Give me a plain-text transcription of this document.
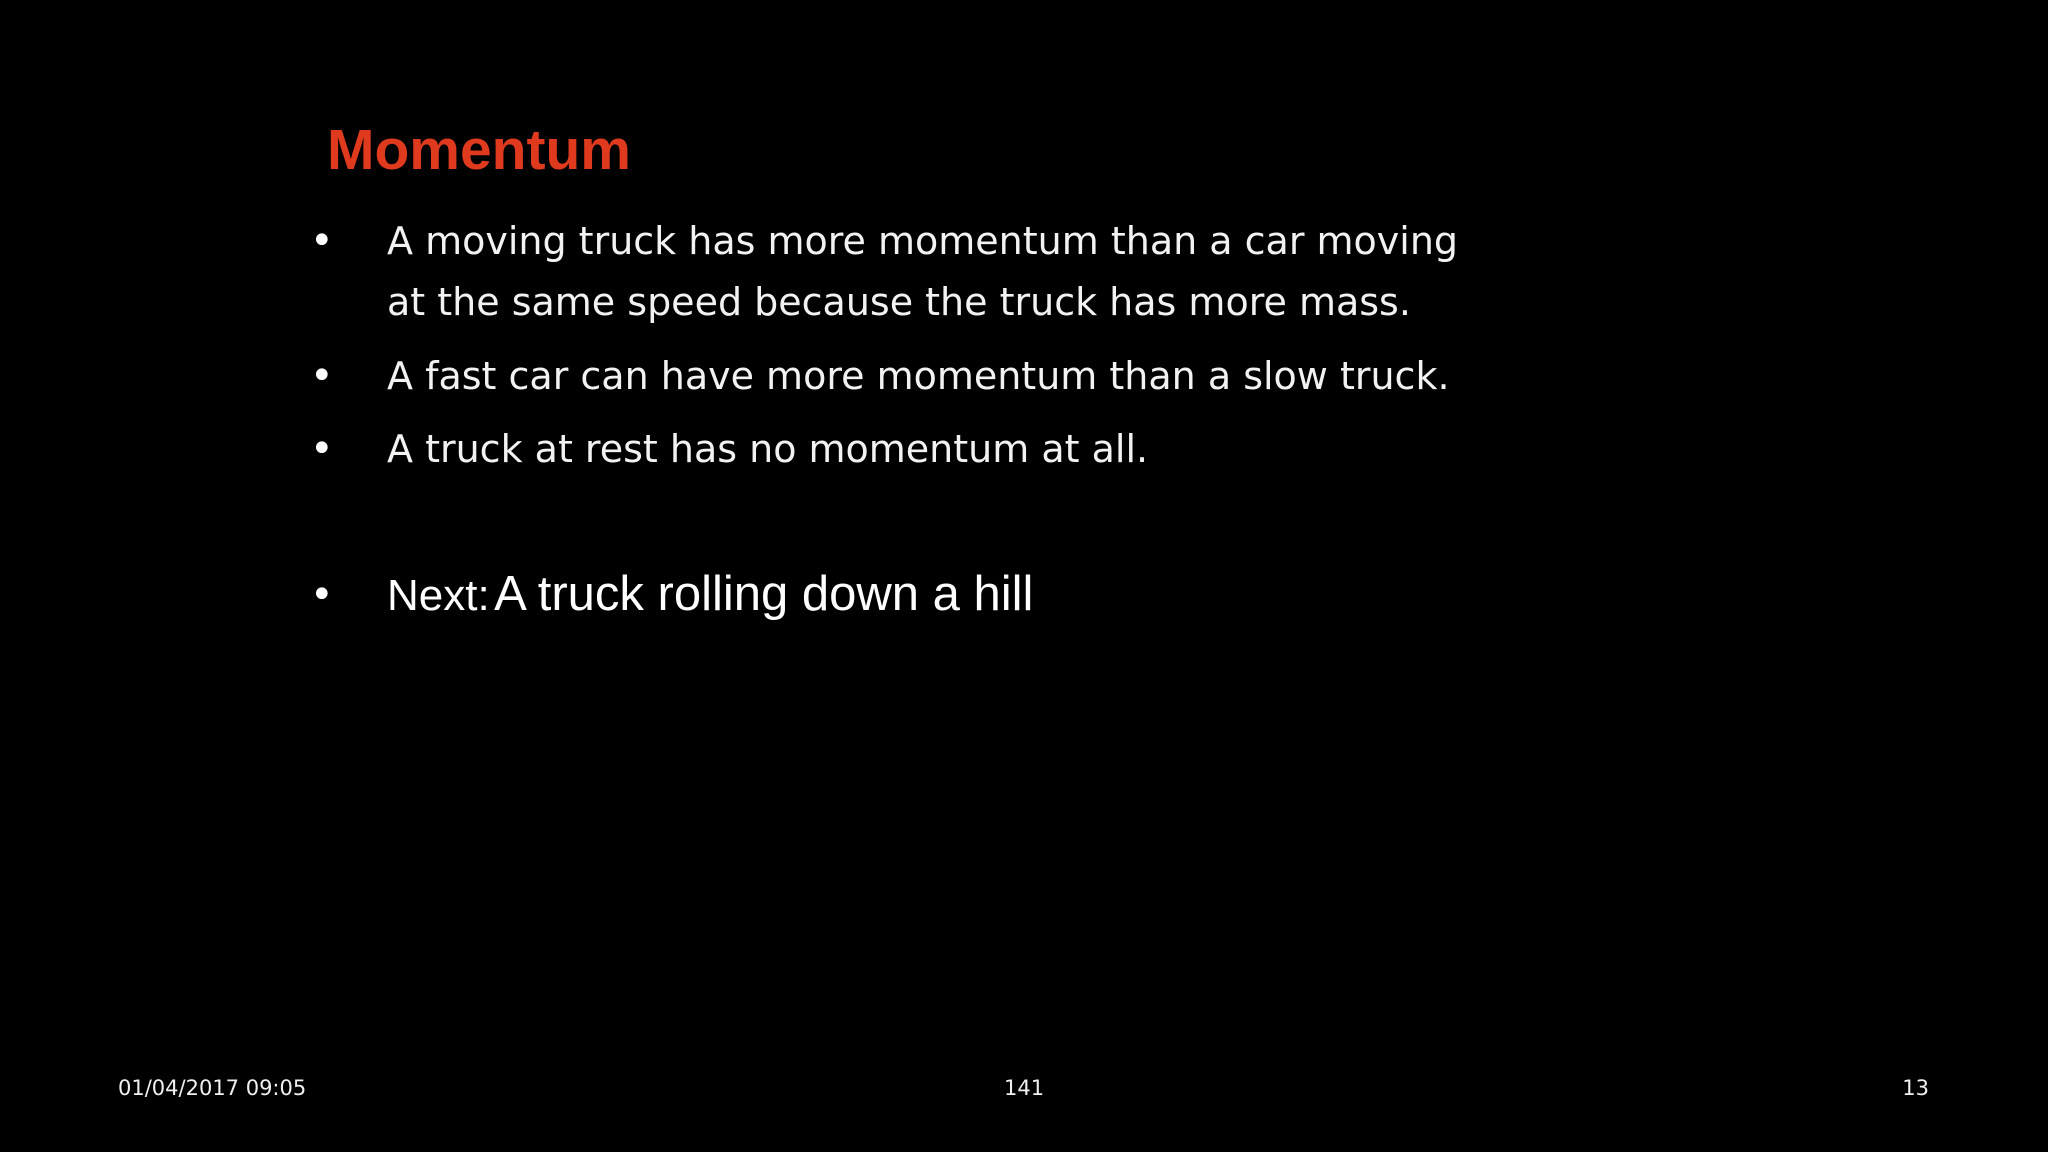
Momentum
• A moving truck has more momentum than a car moving
at the same speed because the truck has more mass.
• A fast car can have more momentum than a slow truck.
• A truck at rest has no momentum at all.
• Next: A truck rolling down a hill
01/04/2017 09:05	141	13
